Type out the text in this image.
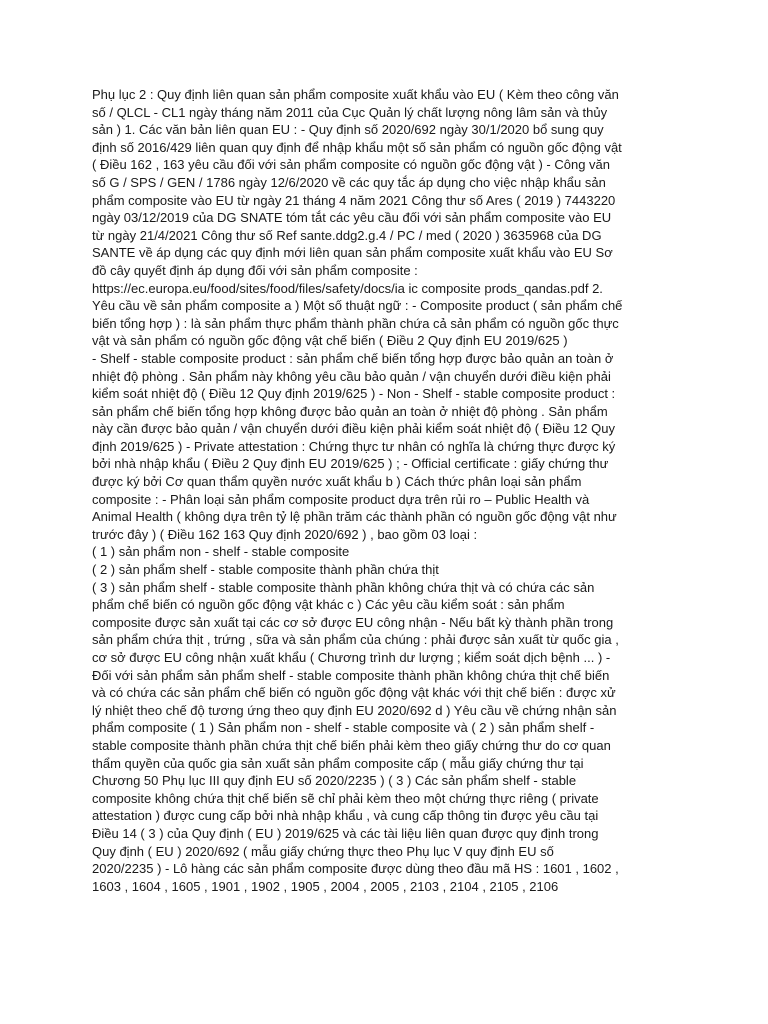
Phụ lục 2 : Quy định liên quan sản phẩm composite xuất khẩu vào EU ( Kèm theo công văn
số / QLCL - CL1 ngày tháng năm 2011 của Cục Quản lý chất lượng nông lâm sản và thủy
sản ) 1. Các văn bản liên quan EU : - Quy định số 2020/692 ngày 30/1/2020 bổ sung quy
định số 2016/429 liên quan quy định để nhập khẩu một số sản phẩm có nguồn gốc động vật
( Điều 162 , 163 yêu cầu đối với sản phẩm composite có nguồn gốc động vật ) - Công văn
số G / SPS / GEN / 1786 ngày 12/6/2020 về các quy tắc áp dụng cho việc nhập khẩu sản
phẩm composite vào EU từ ngày 21 tháng 4 năm 2021 Công thư số Ares ( 2019 ) 7443220
ngày 03/12/2019 của DG SNATE tóm tắt các yêu cầu đối với sản phẩm composite vào EU
từ ngày 21/4/2021 Công thư số Ref sante.ddg2.g.4 / PC / med ( 2020 ) 3635968 của DG
SANTE về áp dụng các quy định mới liên quan sản phẩm composite xuất khẩu vào EU Sơ
đồ cây quyết định áp dụng đối với sản phẩm composite :
https://ec.europa.eu/food/sites/food/files/safety/docs/ia ic composite prods_qandas.pdf 2.
Yêu cầu về sản phẩm composite a ) Một số thuật ngữ : - Composite product ( sản phẩm chế
biến tổng hợp ) : là sản phẩm thực phẩm thành phần chứa cả sản phẩm có nguồn gốc thực
vật và sản phẩm có nguồn gốc động vật chế biến ( Điều 2 Quy định EU 2019/625 )
- Shelf - stable composite product : sản phẩm chế biến tổng hợp được bảo quản an toàn ở
nhiệt độ phòng . Sản phẩm này không yêu cầu bảo quản / vận chuyển dưới điều kiện phải
kiểm soát nhiệt độ ( Điều 12 Quy định 2019/625 ) - Non - Shelf - stable composite product :
sản phẩm chế biến tổng hợp không được bảo quản an toàn ở nhiệt độ phòng . Sản phẩm
này cần được bảo quản / vận chuyển dưới điều kiện phải kiểm soát nhiệt độ ( Điều 12 Quy
định 2019/625 ) - Private attestation : Chứng thực tư nhân có nghĩa là chứng thực được ký
bởi nhà nhập khẩu ( Điều 2 Quy định EU 2019/625 ) ; - Official certificate : giấy chứng thư
được ký bởi Cơ quan thẩm quyền nước xuất khẩu b ) Cách thức phân loại sản phẩm
composite : - Phân loại sản phẩm composite product dựa trên rủi ro – Public Health và
Animal Health ( không dựa trên tỷ lệ phần trăm các thành phần có nguồn gốc động vật như
trước đây ) ( Điều 162 163 Quy định 2020/692 ) , bao gồm 03 loại :
( 1 ) sản phẩm non - shelf - stable composite
( 2 ) sản phẩm shelf - stable composite thành phần chứa thịt
( 3 ) sản phẩm shelf - stable composite thành phần không chứa thịt và có chứa các sản
phẩm chế biến có nguồn gốc động vật khác c ) Các yêu cầu kiểm soát : sản phẩm
composite được sản xuất tại các cơ sở được EU công nhận - Nếu bất kỳ thành phần trong
sản phẩm chứa thịt , trứng , sữa và sản phẩm của chúng : phải được sản xuất từ quốc gia ,
cơ sở được EU công nhận xuất khẩu ( Chương trình dư lượng ; kiểm soát dịch bệnh ... ) -
Đối với sản phẩm sản phẩm shelf - stable composite thành phần không chứa thịt chế biến
và có chứa các sản phẩm chế biến có nguồn gốc động vật khác với thịt chế biến : được xử
lý nhiệt theo chế độ tương ứng theo quy định EU 2020/692 d ) Yêu cầu về chứng nhận sản
phẩm composite ( 1 ) Sản phẩm non - shelf - stable composite và ( 2 ) sản phẩm shelf -
stable composite thành phần chứa thịt chế biến phải kèm theo giấy chứng thư do cơ quan
thẩm quyền của quốc gia sản xuất sản phẩm composite cấp ( mẫu giấy chứng thư tại
Chương 50 Phụ lục III quy định EU số 2020/2235 ) ( 3 ) Các sản phẩm shelf - stable
composite không chứa thịt chế biến sẽ chỉ phải kèm theo một chứng thực riêng ( private
attestation ) được cung cấp bởi nhà nhập khẩu , và cung cấp thông tin được yêu cầu tại
Điều 14 ( 3 ) của Quy định ( EU ) 2019/625 và các tài liệu liên quan được quy định trong
Quy định ( EU ) 2020/692 ( mẫu giấy chứng thực theo Phụ lục V quy định EU số
2020/2235 ) - Lô hàng các sản phẩm composite được dùng theo đầu mã HS : 1601 , 1602 ,
1603 , 1604 , 1605 , 1901 , 1902 , 1905 , 2004 , 2005 , 2103 , 2104 , 2105 , 2106
